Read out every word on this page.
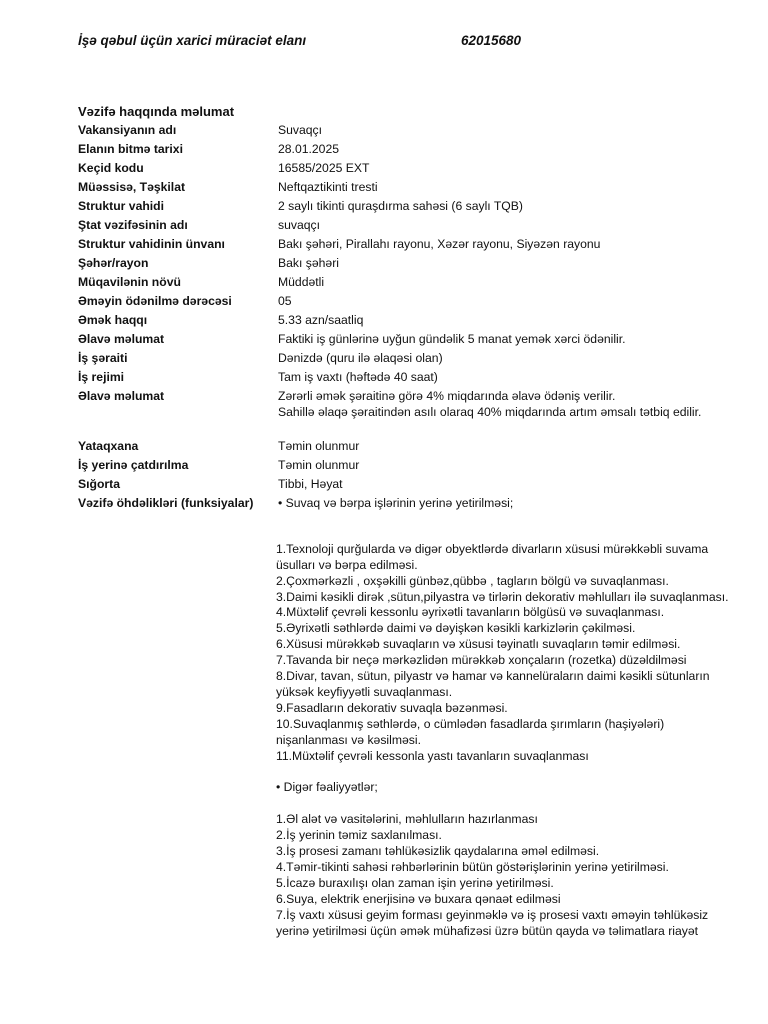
İşə qəbul üçün xarici müraciət elanı	62015680
Vəzifə haqqında məlumat
Vakansiyanın adı	Suvaqçı
Elanın bitmə tarixi	28.01.2025
Keçid kodu	16585/2025 EXT
Müəssisə, Təşkilat	Neftqaztikinti tresti
Struktur vahidi	2 saylı tikinti quraşdırma sahəsi (6 saylı TQB)
Ştat vəzifəsinin adı	suvaqçı
Struktur vahidinin ünvanı	Bakı şəhəri, Pirallahı rayonu, Xəzər rayonu, Siyəzən rayonu
Şəhər/rayon	Bakı şəhəri
Müqavilənin növü	Müddətli
Əməyin ödənilmə dərəcəsi	05
Əmək haqqı	5.33 azn/saatliq
Əlavə məlumat	Faktiki iş günlərinə uyğun gündəlik 5 manat yemək xərci ödənilir.
İş şəraiti	Dənizdə (quru ilə əlaqəsi olan)
İş rejimi	Tam iş vaxtı (həftədə 40 saat)
Əlavə məlumat	Zərərli əmək şəraitinə görə 4% miqdarında əlavə ödəniş verilir.
Sahillə əlaqə şəraitindən asılı olaraq 40% miqdarında artım əmsalı tətbiq edilir.
Yataqxana	Təmin olunmur
İş yerinə çatdırılma	Təmin olunmur
Sığorta	Tibbi, Həyat
Vəzifə öhdəlikləri (funksiyalar)	• Suvaq və bərpa işlərinin yerinə yetirilməsi;
1.Texnoloji qurğularda və digər obyektlərdə divarların xüsusi mürəkkəbli suvama üsulları və bərpa edilməsi.
2.Çoxmərkəzli , oxşəkilli günbəz,qübbə , tagların bölgü və suvaqlanması.
3.Daimi kəsikli dirək ,sütun,pilyastra və tirlərin dekorativ məhlulları ilə suvaqlanması.
4.Müxtəlif çevrəli kessonlu əyrixətli tavanların bölgüsü və suvaqlanması.
5.Əyrixətli səthlərdə daimi və dəyişkən kəsikli karkizlərin çəkilməsi.
6.Xüsusi mürəkkəb suvaqların və xüsusi təyinatlı suvaqların təmir edilməsi.
7.Tavanda bir neçə mərkəzlidən mürəkkəb xonçaların (rozetka) düzəldilməsi
8.Divar, tavan, sütun, pilyastr və hamar və kannelüraların daimi kəsikli sütunların yüksək keyfiyyətli suvaqlanması.
9.Fasadların dekorativ suvaqla bəzənməsi.
10.Suvaqlanmış səthlərdə, o cümlədən fasadlarda şırımların (haşiyələri) nişanlanması və kəsilməsi.
11.Müxtəlif çevrəli kessonla yastı tavanların suvaqlanması
• Digər fəaliyyətlər;
1.Əl alət və vasitələrini, məhlulların hazırlanması
2.İş yerinin təmiz saxlanılması.
3.İş prosesi zamanı təhlükəsizlik qaydalarına əməl edilməsi.
4.Təmir-tikinti sahəsi rəhbərlərinin bütün göstərişlərinin yerinə yetirilməsi.
5.İcazə buraxılışı olan zaman işin yerinə yetirilməsi.
6.Suya, elektrik enerjisinə və buxara qənaət edilməsi
7.İş vaxtı xüsusi geyim forması geyinməklə və iş prosesi vaxtı əməyin təhlükəsiz yerinə yetirilməsi üçün əmək mühafizəsi üzrə bütün qayda və təlimatlara riayət
